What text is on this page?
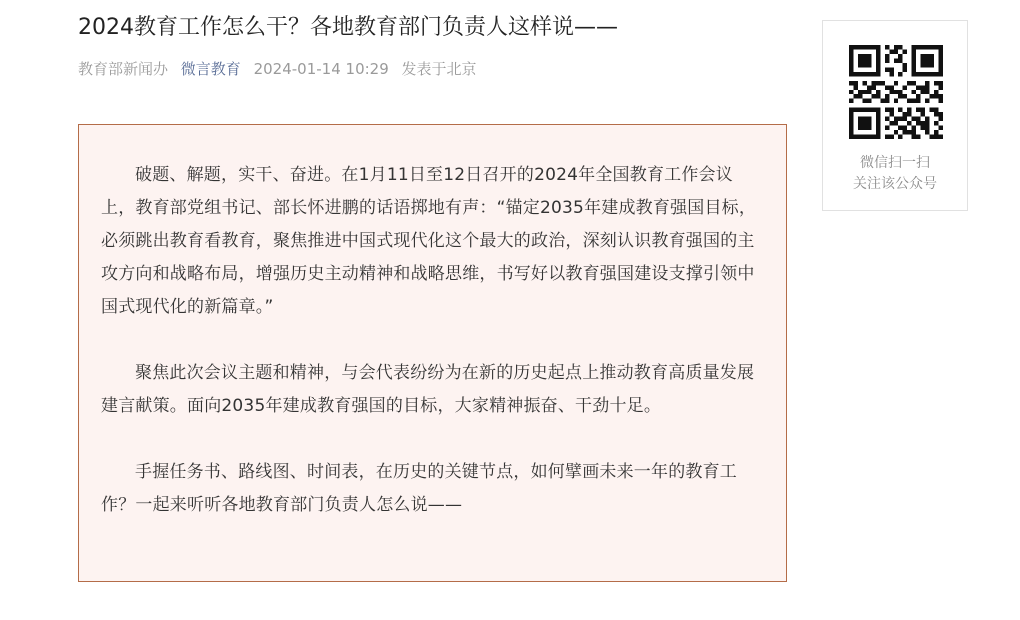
2024教育工作怎么干？各地教育部门负责人这样说——
教育部新闻办 微言教育 2024-01-14 10:29 发表于北京

破题、解题，实干、奋进。在1月11日至12日召开的2024年全国教育工作会议上，教育部党组书记、部长怀进鹏的话语掷地有声：“锚定2035年建成教育强国目标，必须跳出教育看教育，聚焦推进中国式现代化这个最大的政治，深刻认识教育强国的主攻方向和战略布局，增强历史主动精神和战略思维，书写好以教育强国建设支撑引领中国式现代化的新篇章。”

聚焦此次会议主题和精神，与会代表纷纷为在新的历史起点上推动教育高质量发展建言献策。面向2035年建成教育强国的目标，大家精神振奋、干劲十足。

手握任务书、路线图、时间表，在历史的关键节点，如何擘画未来一年的教育工作？一起来听听各地教育部门负责人怎么说——

微信扫一扫
关注该公众号
